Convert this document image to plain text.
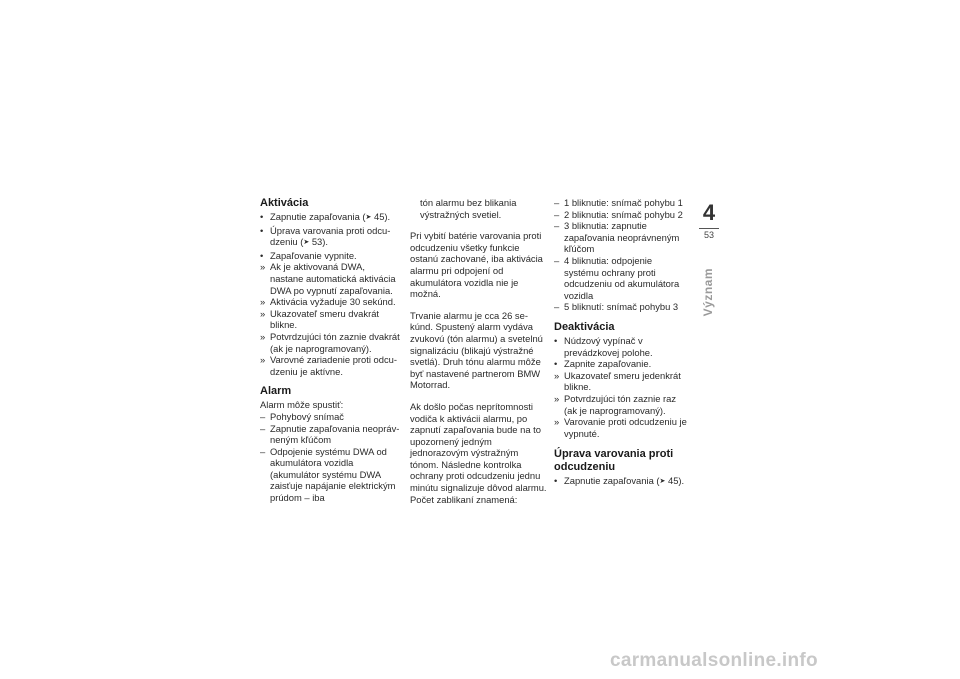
Aktivácia
• Zapnutie zapaľovania (➤ 45).
• Úprava varovania proti odcudzeniu (➤ 53).
• Zapaľovanie vypnite.
» Ak je aktivovaná DWA, nastane automatická aktivácia DWA po vypnutí zapaľovania.
» Aktivácia vyžaduje 30 sekúnd.
» Ukazovateľ smeru dvakrát blikne.
» Potvrdzujúci tón zaznie dvakrát (ak je naprogramovaný).
» Varovné zariadenie proti odcudzeniu je aktívne.
Alarm

Alarm môže spustiť:

– Pohybový snímač
– Zapnutie zapaľovania neoprávneným kľúčom
– Odpojenie systému DWA od akumulátora vozidla (akumulátor systému DWA zaisťuje napájanie elektrickým prúdom – iba

tón alarmu bez blikania výstražných svetiel.

Pri vybití batérie varovania proti odcudzeniu všetky funkcie ostanú zachované, iba aktivácia alarmu pri odpojení od akumulátora vozidla nie je možná.

Trvanie alarmu je cca 26 sekúnd. Spustený alarm vydáva zvukovú (tón alarmu) a svetelnú signalizáciu (blikajú výstražné svetlá). Druh tónu alarmu môže byť nastavené partnerom BMW Motorrad.

Ak došlo počas neprítomnosti vodiča k aktivácii alarmu, po zapnutí zapaľovania bude na to upozornený jedným jednorazovým výstražným tónom. Následne kontrolka ochrany proti odcudzeniu jednu minútu signalizuje dôvod alarmu.

Počet zablikaní znamená:

– 1 bliknutie: snímač pohybu 1
– 2 bliknutia: snímač pohybu 2
– 3 bliknutia: zapnutie zapaľovania neoprávneným kľúčom
– 4 bliknutia: odpojenie systému ochrany proti odcudzeniu od akumulátora vozidla
– 5 bliknutí: snímač pohybu 3
Deaktivácia
• Núdzový vypínač v prevádzkovej polohe.
• Zapnite zapaľovanie.
» Ukazovateľ smeru jedenkrát blikne.
» Potvrdzujúci tón zaznie raz (ak je naprogramovaný).
» Varovanie proti odcudzeniu je vypnuté.
Úprava varovania proti odcudzeniu
• Zapnutie zapaľovania (➤ 45).
4
53
Význam
carmanualsonline.info
